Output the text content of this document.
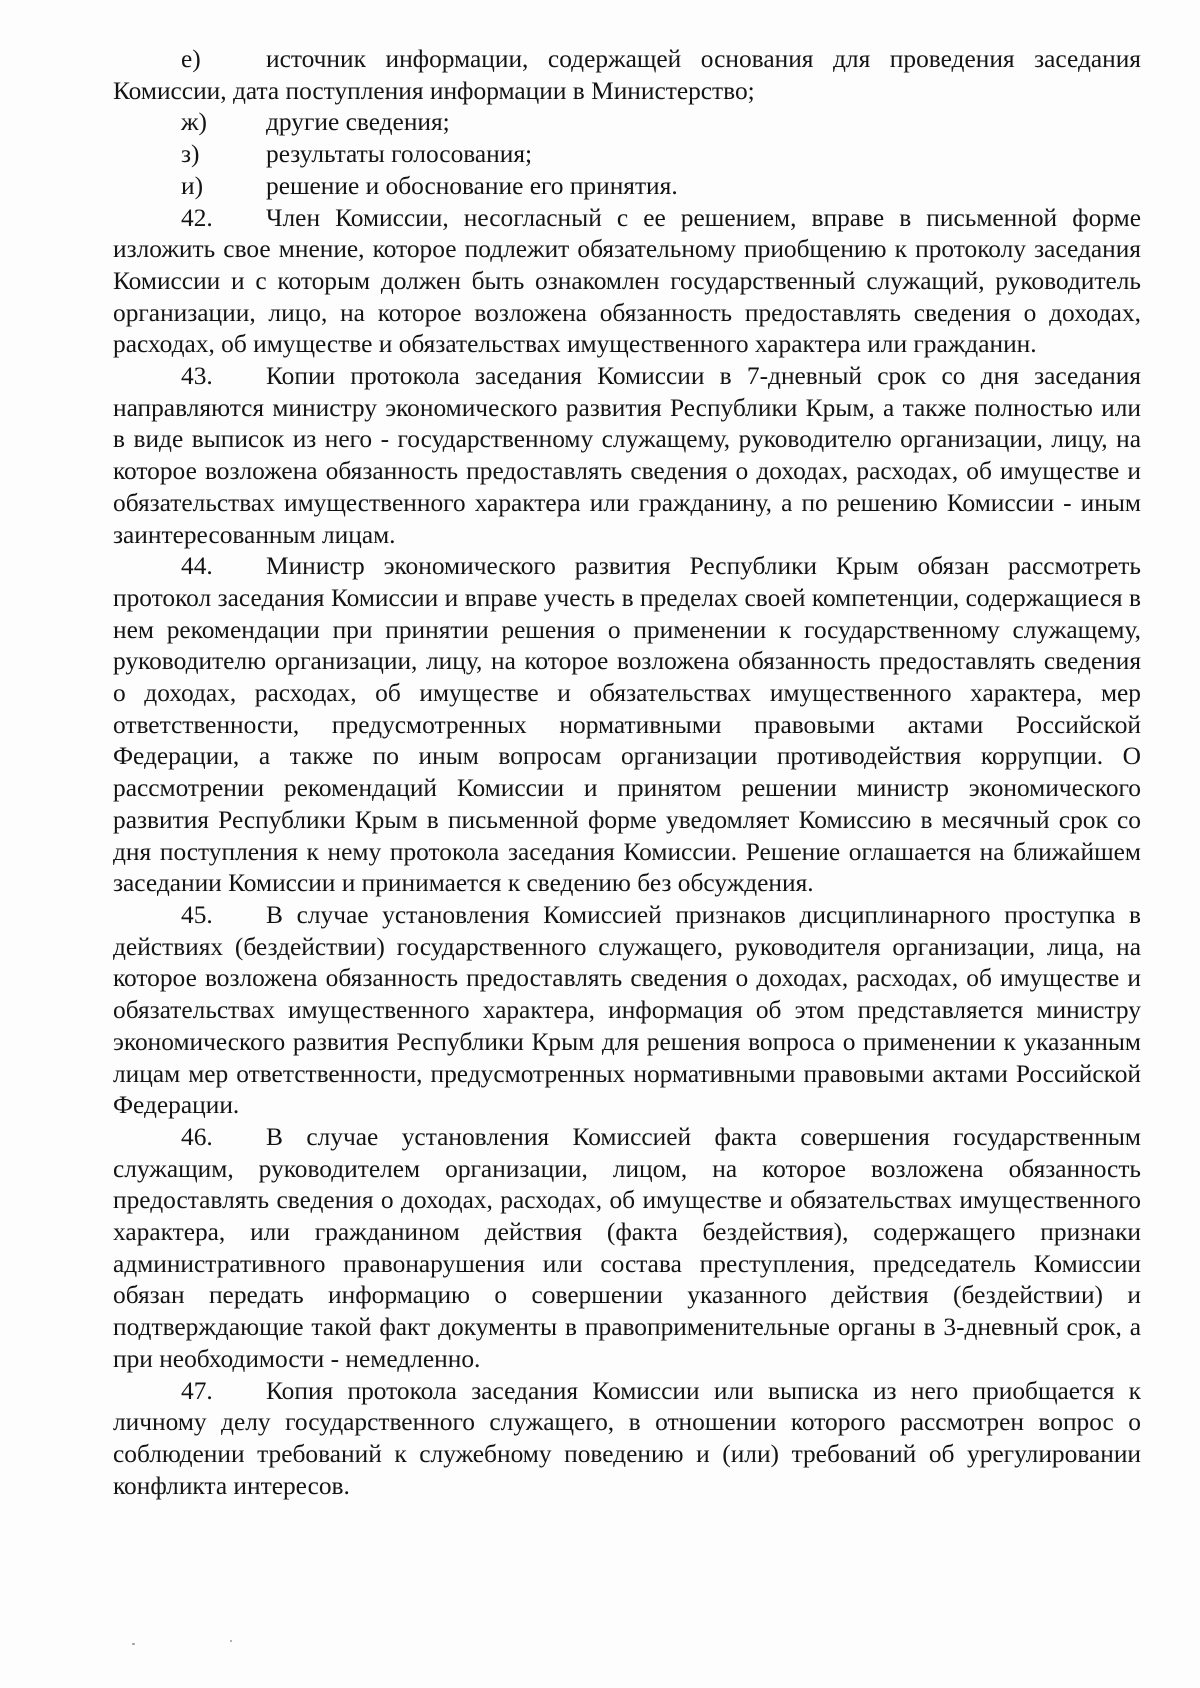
е)	источник информации, содержащей основания для проведения заседания Комиссии, дата поступления информации в Министерство;

ж) другие сведения;

з)	результаты голосования;

и) решение и обоснование его принятия.

42. Член Комиссии, несогласный с ее решением, вправе в письменной форме изложить свое мнение, которое подлежит обязательному приобщению к протоколу заседания Комиссии и с которым должен быть ознакомлен государственный служащий, руководитель организации, лицо, на которое возложена обязанность предоставлять сведения о доходах, расходах, об имуществе и обязательствах имущественного характера или гражданин.

43. Копии протокола заседания Комиссии в 7-дневный срок со дня заседания направляются министру экономического развития Республики Крым, а также полностью или в виде выписок из него - государственному служащему, руководителю организации, лицу, на которое возложена обязанность предоставлять сведения о доходах, расходах, об имуществе и обязательствах имущественного характера или гражданину, а по решению Комиссии - иным заинтересованным лицам.

44. Министр экономического развития Республики Крым обязан рассмотреть протокол заседания Комиссии и вправе учесть в пределах своей компетенции, содержащиеся в нем рекомендации при принятии решения о применении к государственному служащему, руководителю организации, лицу, на которое возложена обязанность предоставлять сведения о доходах, расходах, об имуществе и обязательствах имущественного характера, мер ответственности, предусмотренных нормативными правовыми актами Российской Федерации, а также по иным вопросам организации противодействия коррупции. О рассмотрении рекомендаций Комиссии и принятом решении министр экономического развития Республики Крым в письменной форме уведомляет Комиссию в месячный срок со дня поступления к нему протокола заседания Комиссии. Решение оглашается на ближайшем заседании Комиссии и принимается к сведению без обсуждения.

45. В случае установления Комиссией признаков дисциплинарного проступка в действиях (бездействии) государственного служащего, руководителя организации, лица, на которое возложена обязанность предоставлять сведения о доходах, расходах, об имуществе и обязательствах имущественного характера, информация об этом представляется министру экономического развития Республики Крым для решения вопроса о применении к указанным лицам мер ответственности, предусмотренных нормативными правовыми актами Российской Федерации.

46. В случае установления Комиссией факта совершения государственным служащим, руководителем организации, лицом, на которое возложена обязанность предоставлять сведения о доходах, расходах, об имуществе и обязательствах имущественного характера, или гражданином действия (факта бездействия), содержащего признаки административного правонарушения или состава преступления, председатель Комиссии обязан передать информацию о совершении указанного действия (бездействии) и подтверждающие такой факт документы в правоприменительные органы в 3-дневный срок, а при необходимости - немедленно.

47. Копия протокола заседания Комиссии или выписка из него приобщается к личному делу государственного служащего, в отношении которого рассмотрен вопрос о соблюдении требований к служебному поведению и (или) требований об урегулировании конфликта интересов.
